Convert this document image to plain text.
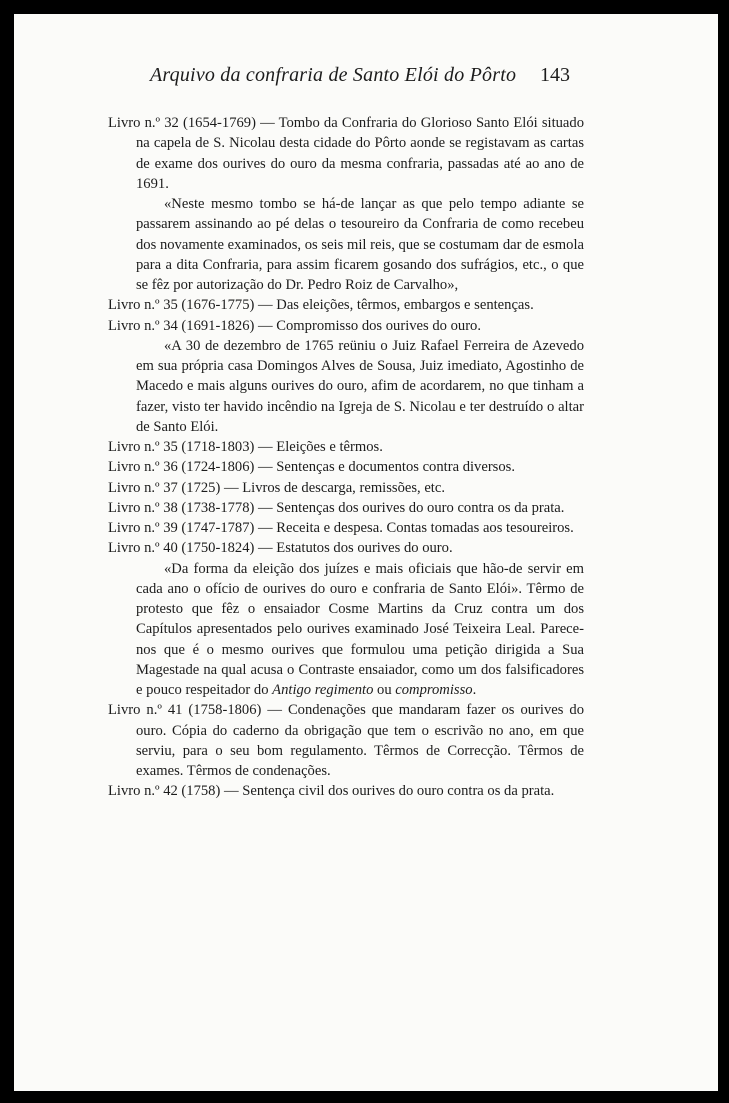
Arquivo da confraria de Santo Elói do Pôrto 143

Livro n.º 32 (1654-1769) — Tombo da Confraria do Glorioso Santo Elói situado na capela de S. Nicolau desta cidade do Pôrto aonde se registavam as cartas de exame dos ourives do ouro da mesma confraria, passadas até ao ano de 1691.

«Neste mesmo tombo se há-de lançar as que pelo tempo adiante se passarem assinando ao pé delas o tesoureiro da Confraria de como recebeu dos novamente examinados, os seis mil reis, que se costumam dar de esmola para a dita Confraria, para assim ficarem gosando dos sufrágios, etc., o que se fêz por autorização do Dr. Pedro Roiz de Carvalho»,

Livro n.º 35 (1676-1775) — Das eleições, têrmos, embargos e sentenças.

Livro n.º 34 (1691-1826) — Compromisso dos ourives do ouro.

«A 30 de dezembro de 1765 reüniu o Juiz Rafael Ferreira de Azevedo em sua própria casa Domingos Alves de Sousa, Juiz imediato, Agostinho de Macedo e mais alguns ourives do ouro, afim de acordarem, no que tinham a fazer, visto ter havido incêndio na Igreja de S. Nicolau e ter destruído o altar de Santo Elói.

Livro n.º 35 (1718-1803) — Eleições e têrmos.

Livro n.º 36 (1724-1806) — Sentenças e documentos contra diversos.

Livro n.º 37 (1725) — Livros de descarga, remissões, etc.

Livro n.º 38 (1738-1778) — Sentenças dos ourives do ouro contra os da prata.

Livro n.º 39 (1747-1787) — Receita e despesa. Contas tomadas aos tesoureiros.

Livro n.º 40 (1750-1824) — Estatutos dos ourives do ouro.

«Da forma da eleição dos juízes e mais oficiais que hão-de servir em cada ano o ofício de ourives do ouro e confraria de Santo Elói». Têrmo de protesto que fêz o ensaiador Cosme Martins da Cruz contra um dos Capítulos apresentados pelo ourives examinado José Teixeira Leal. Parece-nos que é o mesmo ourives que formulou uma petição dirigida a Sua Magestade na qual acusa o Contraste ensaiador, como um dos falsificadores e pouco respeitador do Antigo regimento ou compromisso.

Livro n.º 41 (1758-1806) — Condenações que mandaram fazer os ourives do ouro. Cópia do caderno da obrigação que tem o escrivão no ano, em que serviu, para o seu bom regulamento. Têrmos de Correcção. Têrmos de exames. Têrmos de condenações.

Livro n.º 42 (1758) — Sentença civil dos ourives do ouro contra os da prata.
